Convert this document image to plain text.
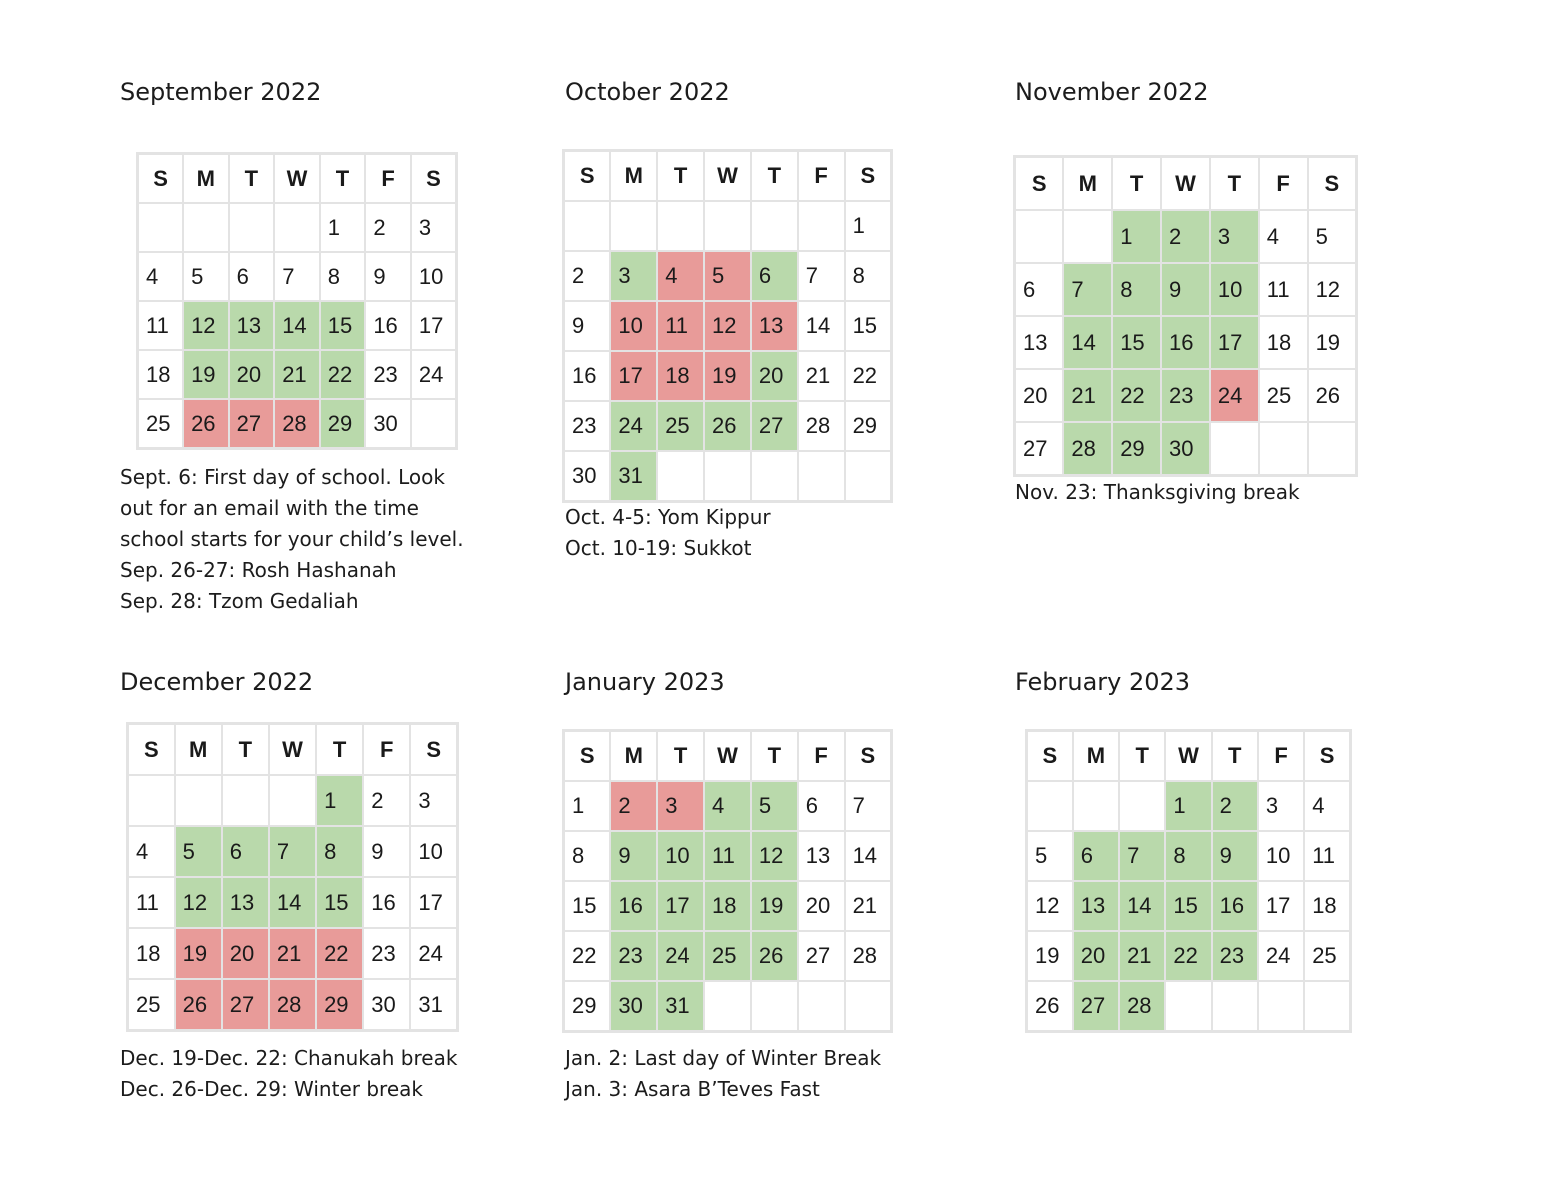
September 2022
S	M	T	W	T	F	S
				1	2	3
4	5	6	7	8	9	10
11	12	13	14	15	16	17
18	19	20	21	22	23	24
25	26	27	28	29	30	
Sept. 6: First day of school. Look
out for an email with the time
school starts for your child’s level.
Sep. 26-27: Rosh Hashanah
Sep. 28: Tzom Gedaliah
October 2022
S	M	T	W	T	F	S
						1
2	3	4	5	6	7	8
9	10	11	12	13	14	15
16	17	18	19	20	21	22
23	24	25	26	27	28	29
30	31					
Oct. 4-5: Yom Kippur
Oct. 10-19: Sukkot
November 2022
S	M	T	W	T	F	S
		1	2	3	4	5
6	7	8	9	10	11	12
13	14	15	16	17	18	19
20	21	22	23	24	25	26
27	28	29	30			
Nov. 23: Thanksgiving break
December 2022
S	M	T	W	T	F	S
				1	2	3
4	5	6	7	8	9	10
11	12	13	14	15	16	17
18	19	20	21	22	23	24
25	26	27	28	29	30	31
Dec. 19-Dec. 22: Chanukah break
Dec. 26-Dec. 29: Winter break
January 2023
S	M	T	W	T	F	S
1	2	3	4	5	6	7
8	9	10	11	12	13	14
15	16	17	18	19	20	21
22	23	24	25	26	27	28
29	30	31				
Jan. 2: Last day of Winter Break
Jan. 3: Asara B’Teves Fast
February 2023
S	M	T	W	T	F	S
			1	2	3	4
5	6	7	8	9	10	11
12	13	14	15	16	17	18
19	20	21	22	23	24	25
26	27	28				
